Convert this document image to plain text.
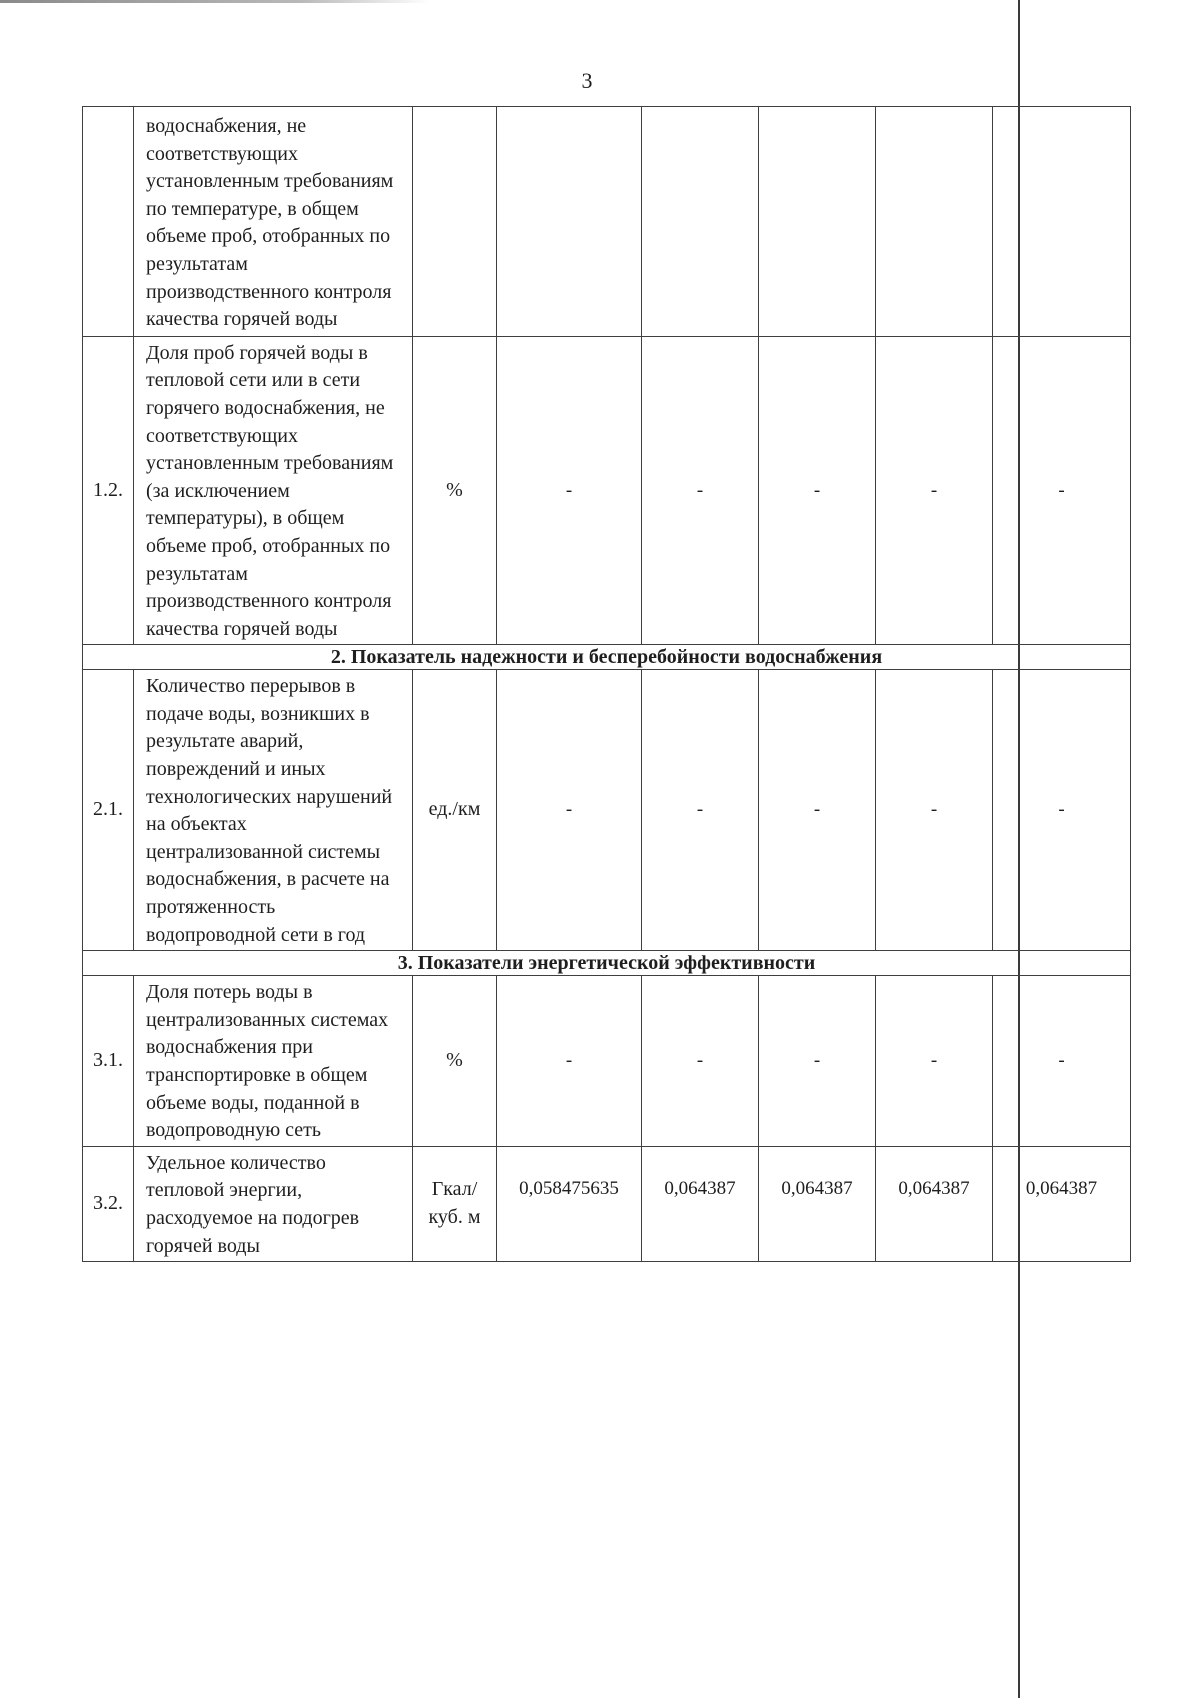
3
	водоснабжения, не соответствующих установленным требованиям по температуре, в общем объеме проб, отобранных по результатам производственного контроля качества горячей воды						
1.2.	Доля проб горячей воды в тепловой сети или в сети горячего водоснабжения, не соответствующих установленным требованиям (за исключением температуры), в общем объеме проб, отобранных по результатам производственного контроля качества горячей воды	%	-	-	-	-	-
2. Показатель надежности и бесперебойности водоснабжения							
2.1.	Количество перерывов в подаче воды, возникших в результате аварий, повреждений и иных технологических нарушений на объектах централизованной системы водоснабжения, в расчете на протяженность водопроводной сети в год	ед./км	-	-	-	-	-
3. Показатели энергетической эффективности							
3.1.	Доля потерь воды в централизованных системах водоснабжения при транспортировке в общем объеме воды, поданной в водопроводную сеть	%	-	-	-	-	-
3.2.	Удельное количество тепловой энергии, расходуемое на подогрев горячей воды	Гкал/куб. м	0,058475635	0,064387	0,064387	0,064387	0,064387
